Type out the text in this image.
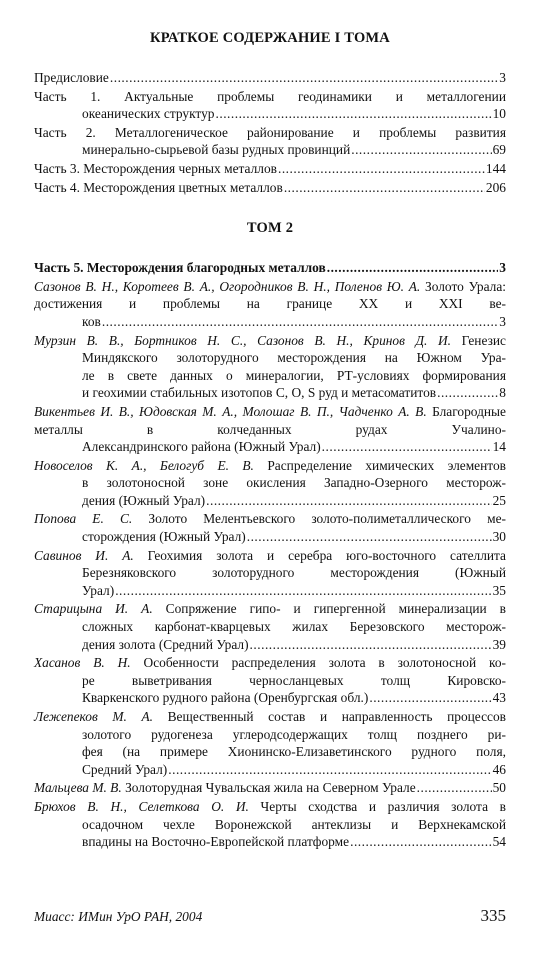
КРАТКОЕ СОДЕРЖАНИЕ I ТОМА
Предисловие .....	3
Часть 1. Актуальные проблемы геодинамики и металлогении
океанических структур .....	10
Часть 2. Металлогеническое районирование и проблемы развития
минерально-сырьевой базы рудных провинций .....	69
Часть 3. Месторождения черных металлов .....	144
Часть 4. Месторождения цветных металлов .....	206
ТОМ 2
Часть 5. Месторождения благородных металлов .....	3
Сазонов В. Н., Коротеев В. А., Огородников В. Н., Поленов Ю. А. Золото Урала: достижения и проблемы на границе XX и XXI ве-
ков .....	3
Мурзин В. В., Бортников Н. С., Сазонов В. Н., Кринов Д. И. Генезис
Миндякского золоторудного месторождения на Южном Ура-
ле в свете данных о минералогии, РТ-условиях формирования
и геохимии стабильных изотопов С, О, S руд и метасоматитов .....	8
Викентьев И. В., Юдовская М. А., Молошаг В. П., Чадченко А. В. Благородные металлы в колчеданных рудах Учалино-
Александринского района (Южный Урал) .....	14
Новоселов К. А., Белогуб Е. В. Распределение химических элементов
в золотоносной зоне окисления Западно-Озерного месторож-
дения (Южный Урал) .....	25
Попова Е. С. Золото Мелентьевского золото-полиметаллического ме-
сторождения (Южный Урал) .....	30
Савинов И. А. Геохимия золота и серебра юго-восточного сателлита
Березняковского золоторудного месторождения (Южный
Урал) .....	35
Старицына И. А. Сопряжение гипо- и гипергенной минерализации в
сложных карбонат-кварцевых жилах Березовского месторож-
дения золота (Средний Урал) .....	39
Хасанов В. Н. Особенности распределения золота в золотоносной ко-
ре выветривания черносланцевых толщ Кировско-
Кваркенского рудного района (Оренбургская обл.) .....	43
Лежепеков М. А. Вещественный состав и направленность процессов
золотого рудогенеза углеродсодержащих толщ позднего ри-
фея (на примере Хионинско-Елизаветинского рудного поля,
Средний Урал) .....	46
Мальцева М. В. Золоторудная Чувальская жила на Северном Урале .....	50
Брюхов В. Н., Селеткова О. И. Черты сходства и различия золота в
осадочном чехле Воронежской антеклизы и Верхнекамской
впадины на Восточно-Европейской платформе .....	54
Миасс: ИМин УрО РАН, 2004	335
